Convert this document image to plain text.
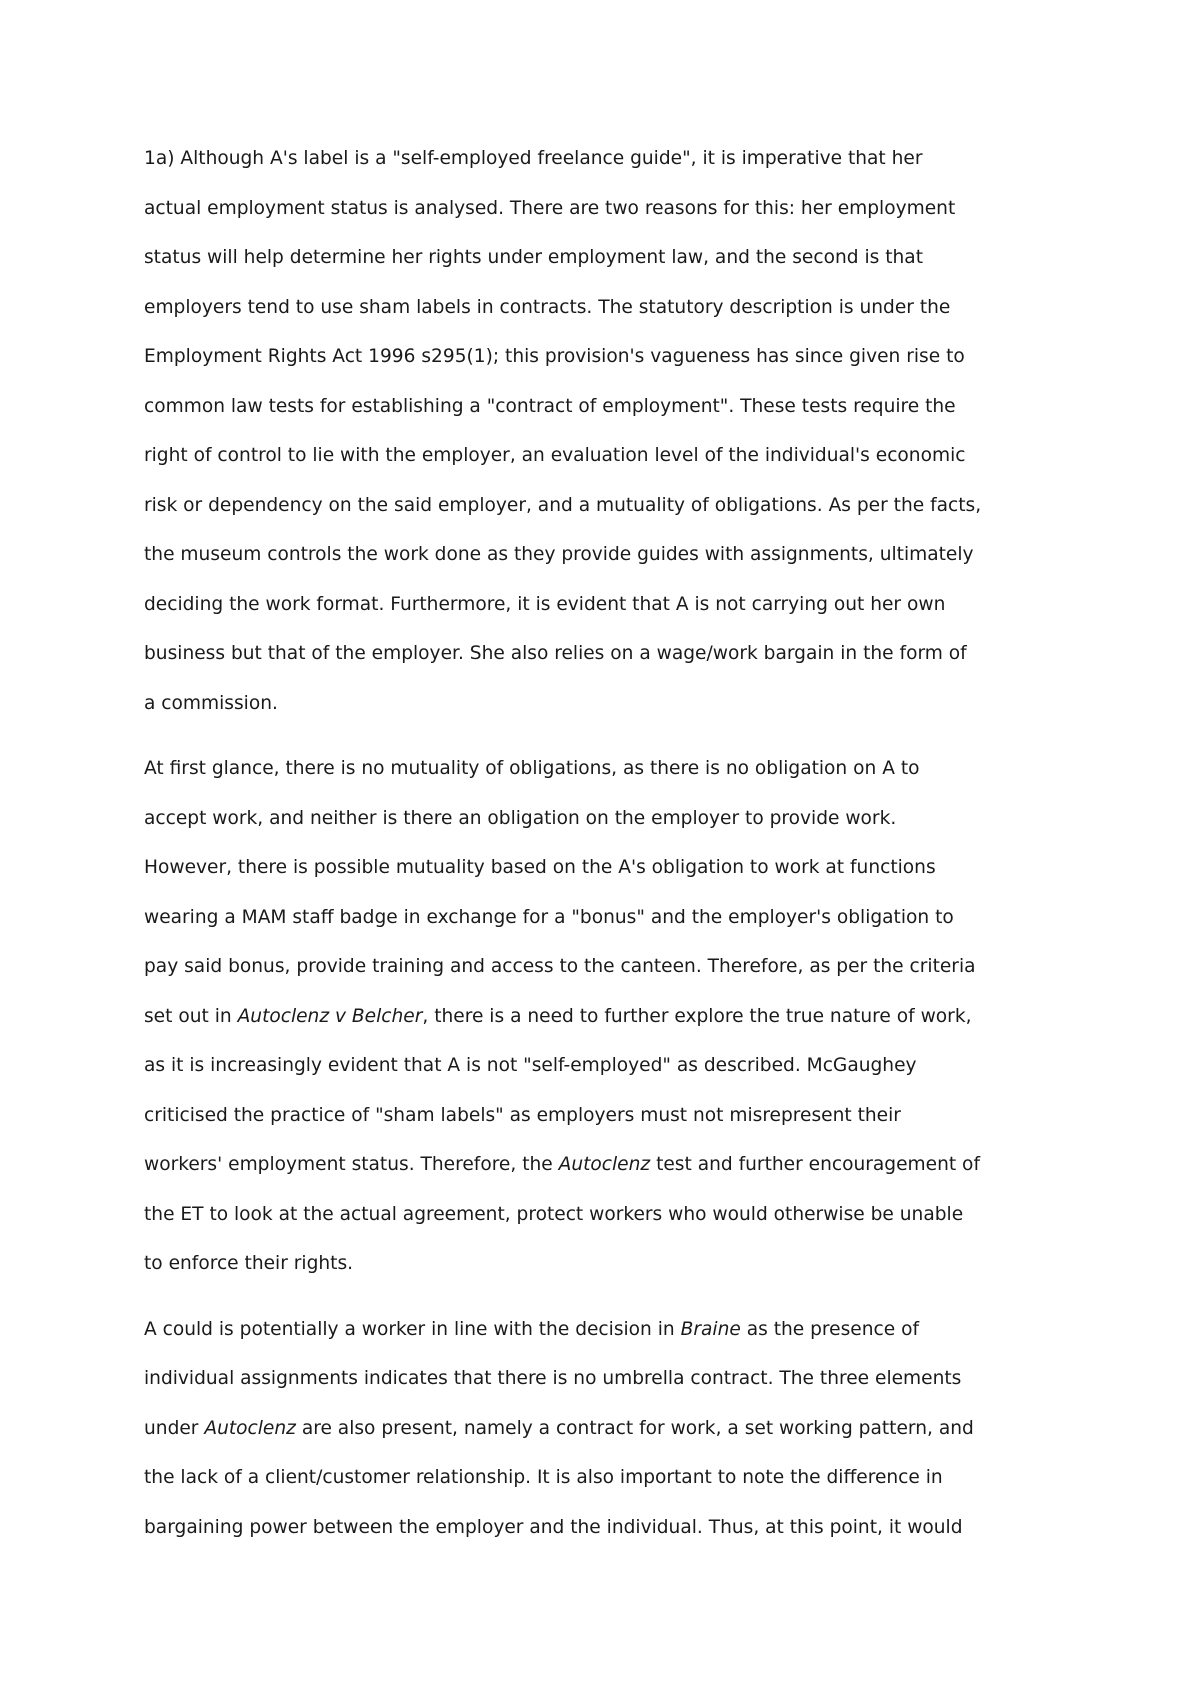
1a) Although A's label is a "self-employed freelance guide", it is imperative that her
actual employment status is analysed. There are two reasons for this: her employment
status will help determine her rights under employment law, and the second is that
employers tend to use sham labels in contracts. The statutory description is under the
Employment Rights Act 1996 s295(1); this provision's vagueness has since given rise to
common law tests for establishing a "contract of employment". These tests require the
right of control to lie with the employer, an evaluation level of the individual's economic
risk or dependency on the said employer, and a mutuality of obligations. As per the facts,
the museum controls the work done as they provide guides with assignments, ultimately
deciding the work format. Furthermore, it is evident that A is not carrying out her own
business but that of the employer. She also relies on a wage/work bargain in the form of
a commission.

At first glance, there is no mutuality of obligations, as there is no obligation on A to
accept work, and neither is there an obligation on the employer to provide work.
However, there is possible mutuality based on the A's obligation to work at functions
wearing a MAM staff badge in exchange for a "bonus" and the employer's obligation to
pay said bonus, provide training and access to the canteen. Therefore, as per the criteria
set out in Autoclenz v Belcher, there is a need to further explore the true nature of work,
as it is increasingly evident that A is not "self-employed" as described. McGaughey
criticised the practice of "sham labels" as employers must not misrepresent their
workers' employment status. Therefore, the Autoclenz test and further encouragement of
the ET to look at the actual agreement, protect workers who would otherwise be unable
to enforce their rights.

A could is potentially a worker in line with the decision in Braine as the presence of
individual assignments indicates that there is no umbrella contract. The three elements
under Autoclenz are also present, namely a contract for work, a set working pattern, and
the lack of a client/customer relationship. It is also important to note the difference in
bargaining power between the employer and the individual. Thus, at this point, it would
